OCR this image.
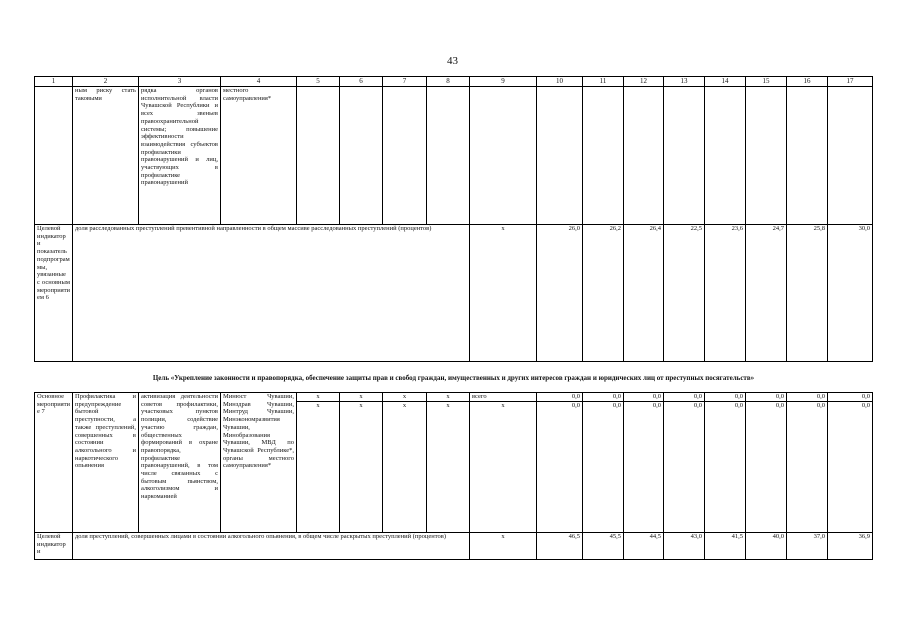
43
1	2	3	4	5	6	7	8	9	10	11	12	13	14	15	16	17
	ным риску стать таковыми	рядка органов исполнительной власти Чувашской Республики и всех звеньев правоохранительной системы; повышение эффективности взаимодействия субъектов профилактики правонарушений и лиц, участвующих в профилактике правонарушений	местного самоуправления*													
Целевой индикатор и показатель подпрограммы, увязанные с основным мероприятием 6	доля расследованных преступлений превентивной направленности в общем массиве расследованных преступлений (процентов)							x	26,0	26,2	26,4	22,5	23,6	24,7	25,8	30,0
Цель «Укрепление законности и правопорядка, обеспечение защиты прав и свобод граждан, имущественных и других интересов граждан и юридических лиц от преступных посягательств»																
Основное мероприятие 7	Профилактика и предупреждение бытовой преступности, а также преступлений, совершенных в состоянии алкогольного и наркотического опьянения	активизация деятельности советов профилактики, участковых пунктов полиции, содействие участию граждан, общественных формирований в охране правопорядка, профилактике правонарушений, в том числе связанных с бытовым пьянством, алкоголизмом и наркоманией	Минюст Чувашии, Минздрав Чувашии, Минтруд Чувашии, Минэкономразвития Чувашии, Минобразования Чувашии, МВД по Чувашской Республике*, органы местного самоуправления*	x	x	x	x	всего	0,0	0,0	0,0	0,0	0,0	0,0	0,0	0,0
				x	x	x	x	x	0,0	0,0	0,0	0,0	0,0	0,0	0,0	0,0
Целевой индикатор и	доля преступлений, совершенных лицами в состоянии алкогольного опьянения, в общем числе раскрытых преступлений (процентов)							x	46,5	45,5	44,5	43,0	41,5	40,0	37,0	36,9
